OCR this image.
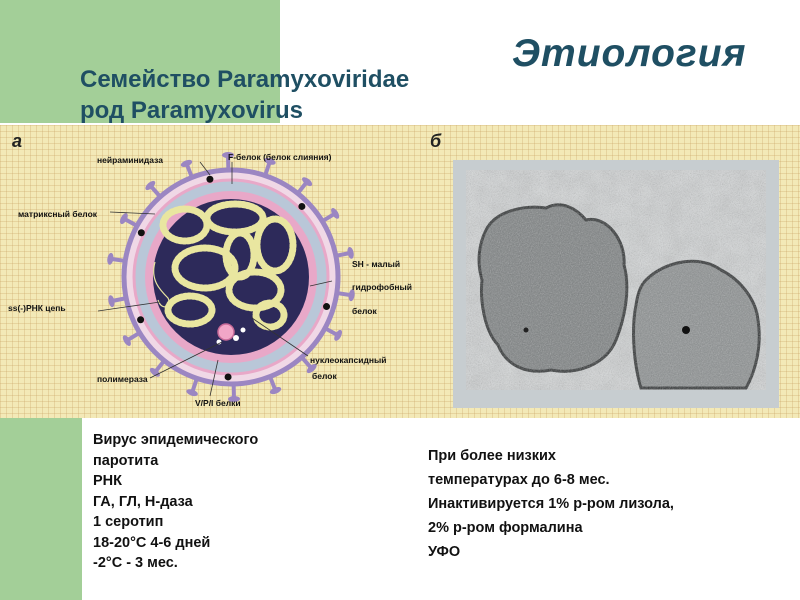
Этиология
Семейство Paramyxoviridae
род Paramyxovirus
а	б
нейраминидаза	F-белок (белок слияния)
матриксный белок
SH - малый
гидрофобный
белок
ss(-)РНК цепь
нуклеокапсидный
белок
полимераза
V/P/I белки
Вирус эпидемического
паротита
РНК
ГА, ГЛ, Н-даза
1 серотип
18-20°С 4-6 дней
-2°С - 3 мес.
При более низких
температурах до 6-8 мес.
Инактивируется 1% р-ром лизола,
2% р-ром формалина
УФО
